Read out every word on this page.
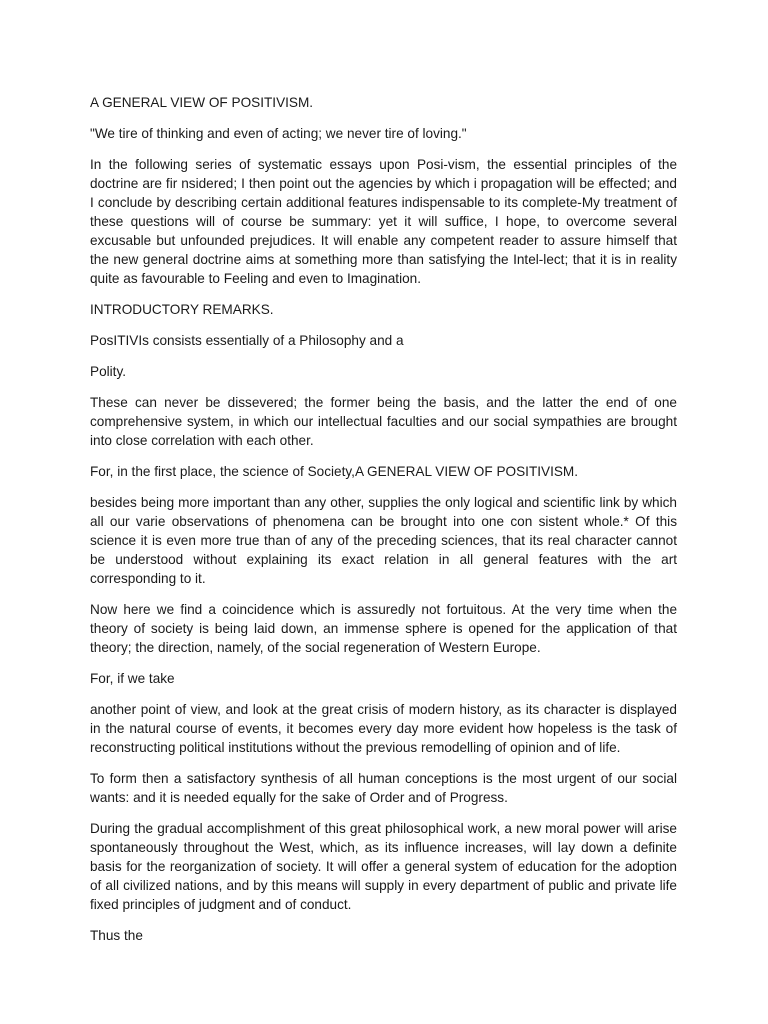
A GENERAL VIEW OF POSITIVISM.

"We tire of thinking and even of acting; we never tire of loving."

In the following series of systematic essays upon Posi-vism, the essential principles of the doctrine are fir nsidered; I then point out the agencies by which i propagation will be effected; and I conclude by describing certain additional features indispensable to its complete-My treatment of these questions will of course be summary: yet it will suffice, I hope, to overcome several excusable but unfounded prejudices. It will enable any competent reader to assure himself that the new general doctrine aims at something more than satisfying the Intel-lect; that it is in reality quite as favourable to Feeling and even to Imagination.

INTRODUCTORY REMARKS.

PosITIVIs consists essentially of a Philosophy and a

Polity.

These can never be dissevered; the former being the basis, and the latter the end of one comprehensive system, in which our intellectual faculties and our social sympathies are brought into close correlation with each other.

For, in the first place, the science of Society,A GENERAL VIEW OF POSITIVISM.

besides being more important than any other, supplies the only logical and scientific link by which all our varie observations of phenomena can be brought into one con sistent whole.* Of this science it is even more true than of any of the preceding sciences, that its real character cannot be understood without explaining its exact relation in all general features with the art corresponding to it.

Now here we find a coincidence which is assuredly not fortuitous. At the very time when the theory of society is being laid down, an immense sphere is opened for the application of that theory; the direction, namely, of the social regeneration of Western Europe.

For, if we take

another point of view, and look at the great crisis of modern history, as its character is displayed in the natural course of events, it becomes every day more evident how hopeless is the task of reconstructing political institutions without the previous remodelling of opinion and of life.

To form then a satisfactory synthesis of all human conceptions is the most urgent of our social wants: and it is needed equally for the sake of Order and of Progress.

During the gradual accomplishment of this great philosophical work, a new moral power will arise spontaneously throughout the West, which, as its influence increases, will lay down a definite basis for the reorganization of society. It will offer a general system of education for the adoption of all civilized nations, and by this means will supply in every department of public and private life fixed principles of judgment and of conduct.

Thus the
